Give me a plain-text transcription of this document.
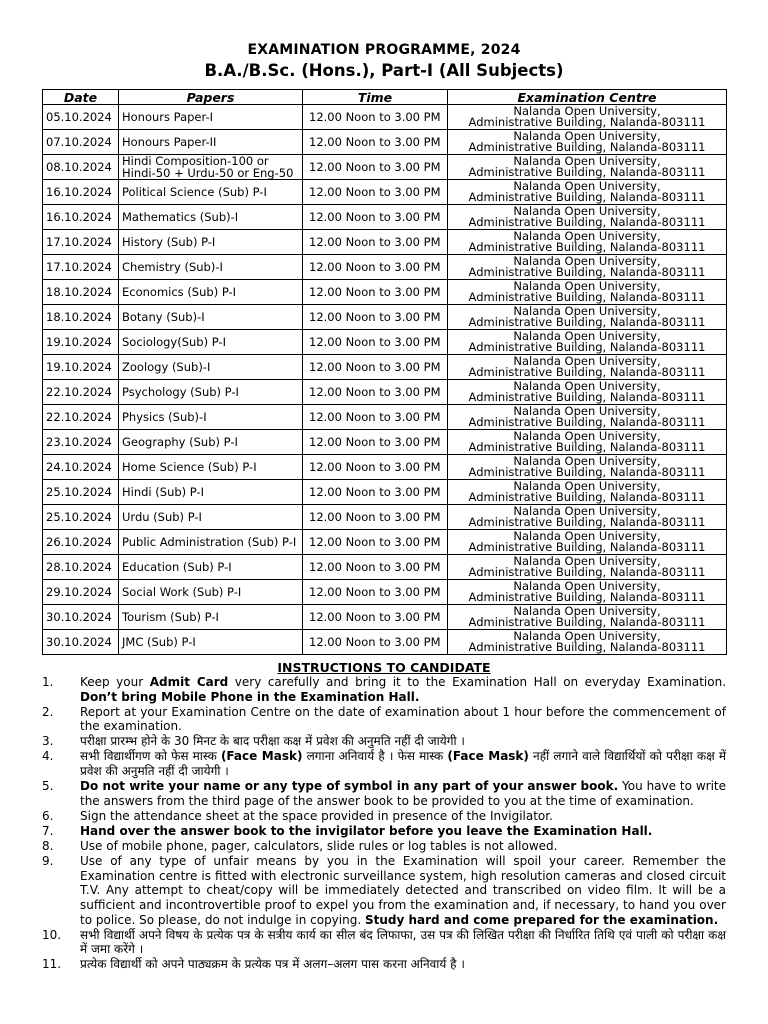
EXAMINATION PROGRAMME, 2024
B.A./B.Sc. (Hons.), Part-I (All Subjects)
Date	Papers	Time	Examination Centre
05.10.2024	Honours Paper-I	12.00 Noon to 3.00 PM	Nalanda Open University,
Administrative Building, Nalanda-803111

07.10.2024	Honours Paper-II	12.00 Noon to 3.00 PM	Nalanda Open University,
Administrative Building, Nalanda-803111

08.10.2024	Hindi Composition-100 or Hindi-50 + Urdu-50 or Eng-50	12.00 Noon to 3.00 PM	Nalanda Open University,
Administrative Building, Nalanda-803111

16.10.2024	Political Science (Sub) P-I	12.00 Noon to 3.00 PM	Nalanda Open University,
Administrative Building, Nalanda-803111

16.10.2024	Mathematics (Sub)-I	12.00 Noon to 3.00 PM	Nalanda Open University,
Administrative Building, Nalanda-803111

17.10.2024	History (Sub) P-I	12.00 Noon to 3.00 PM	Nalanda Open University,
Administrative Building, Nalanda-803111

17.10.2024	Chemistry (Sub)-I	12.00 Noon to 3.00 PM	Nalanda Open University,
Administrative Building, Nalanda-803111

18.10.2024	Economics (Sub) P-I	12.00 Noon to 3.00 PM	Nalanda Open University,
Administrative Building, Nalanda-803111

18.10.2024	Botany (Sub)-I	12.00 Noon to 3.00 PM	Nalanda Open University,
Administrative Building, Nalanda-803111

19.10.2024	Sociology(Sub) P-I	12.00 Noon to 3.00 PM	Nalanda Open University,
Administrative Building, Nalanda-803111

19.10.2024	Zoology (Sub)-I	12.00 Noon to 3.00 PM	Nalanda Open University,
Administrative Building, Nalanda-803111

22.10.2024	Psychology (Sub) P-I	12.00 Noon to 3.00 PM	Nalanda Open University,
Administrative Building, Nalanda-803111

22.10.2024	Physics (Sub)-I	12.00 Noon to 3.00 PM	Nalanda Open University,
Administrative Building, Nalanda-803111

23.10.2024	Geography (Sub) P-I	12.00 Noon to 3.00 PM	Nalanda Open University,
Administrative Building, Nalanda-803111

24.10.2024	Home Science (Sub) P-I	12.00 Noon to 3.00 PM	Nalanda Open University,
Administrative Building, Nalanda-803111

25.10.2024	Hindi (Sub) P-I	12.00 Noon to 3.00 PM	Nalanda Open University,
Administrative Building, Nalanda-803111

25.10.2024	Urdu (Sub) P-I	12.00 Noon to 3.00 PM	Nalanda Open University,
Administrative Building, Nalanda-803111

26.10.2024	Public Administration (Sub) P-I	12.00 Noon to 3.00 PM	Nalanda Open University,
Administrative Building, Nalanda-803111

28.10.2024	Education (Sub) P-I	12.00 Noon to 3.00 PM	Nalanda Open University,
Administrative Building, Nalanda-803111

29.10.2024	Social Work (Sub) P-I	12.00 Noon to 3.00 PM	Nalanda Open University,
Administrative Building, Nalanda-803111

30.10.2024	Tourism (Sub) P-I	12.00 Noon to 3.00 PM	Nalanda Open University,
Administrative Building, Nalanda-803111

30.10.2024	JMC (Sub) P-I	12.00 Noon to 3.00 PM	Nalanda Open University,
Administrative Building, Nalanda-803111
INSTRUCTIONS TO CANDIDATE
1. Keep your Admit Card very carefully and bring it to the Examination Hall on everyday Examination. Don’t bring Mobile Phone in the Examination Hall.
2. Report at your Examination Centre on the date of examination about 1 hour before the commencement of the examination.
3. परीक्षा प्रारम्भ होने के 30 मिनट के बाद परीक्षा कक्ष में प्रवेश की अनुमति नहीं दी जायेगी ।
4. सभी विद्यार्थीगण को फेस मास्क (Face Mask) लगाना अनिवार्य है । फेस मास्क (Face Mask) नहीं लगाने वाले विद्यार्थियों को परीक्षा कक्ष में प्रवेश की अनुमति नहीं दी जायेगी ।
5. Do not write your name or any type of symbol in any part of your answer book. You have to write the answers from the third page of the answer book to be provided to you at the time of examination.
6. Sign the attendance sheet at the space provided in presence of the Invigilator.
7. Hand over the answer book to the invigilator before you leave the Examination Hall.
8. Use of mobile phone, pager, calculators, slide rules or log tables is not allowed.
9. Use of any type of unfair means by you in the Examination will spoil your career. Remember the Examination centre is fitted with electronic surveillance system, high resolution cameras and closed circuit T.V. Any attempt to cheat/copy will be immediately detected and transcribed on video film. It will be a sufficient and incontrovertible proof to expel you from the examination and, if necessary, to hand you over to police. So please, do not indulge in copying. Study hard and come prepared for the examination.
10. सभी विद्यार्थी अपने विषय के प्रत्येक पत्र के सत्रीय कार्य का सील बंद लिफाफा, उस पत्र की लिखित परीक्षा की निर्धारित तिथि एवं पाली को परीक्षा कक्ष में जमा करेंगे ।
11. प्रत्येक विद्यार्थी को अपने पाठ्यक्रम के प्रत्येक पत्र में अलग–अलग पास करना अनिवार्य है ।
